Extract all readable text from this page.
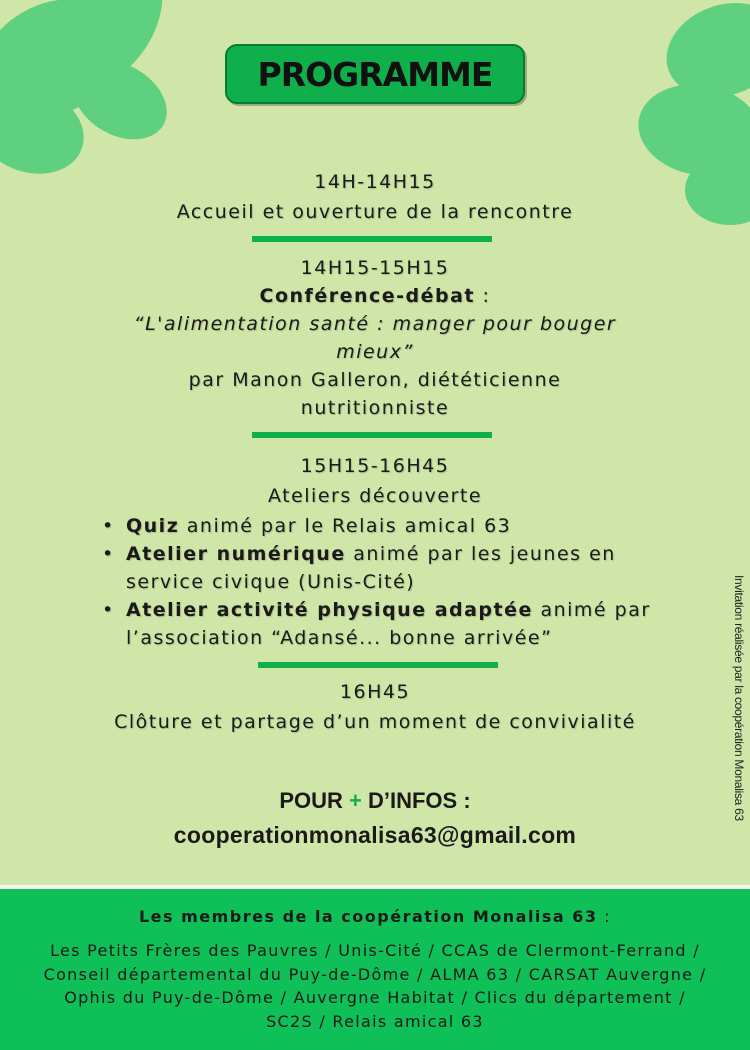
PROGRAMME
14H-14H15
Accueil et ouverture de la rencontre
14H15-15H15
Conférence-débat :
“L'alimentation santé : manger pour bouger mieux”
par Manon Galleron, diététicienne nutritionniste
15H15-16H45
Ateliers découverte
• Quiz animé par le Relais amical 63
• Atelier numérique animé par les jeunes en service civique (Unis-Cité)
• Atelier activité physique adaptée animé par l’association “Adansé... bonne arrivée”
16H45
Clôture et partage d’un moment de convivialité
POUR + D’INFOS :
cooperationmonalisa63@gmail.com
Invitation réalisée par la coopération Monalisa 63
Les membres de la coopération Monalisa 63 :
Les Petits Frères des Pauvres / Unis-Cité / CCAS de Clermont-Ferrand / Conseil départemental du Puy-de-Dôme / ALMA 63 / CARSAT Auvergne / Ophis du Puy-de-Dôme / Auvergne Habitat / Clics du département / SC2S / Relais amical 63
